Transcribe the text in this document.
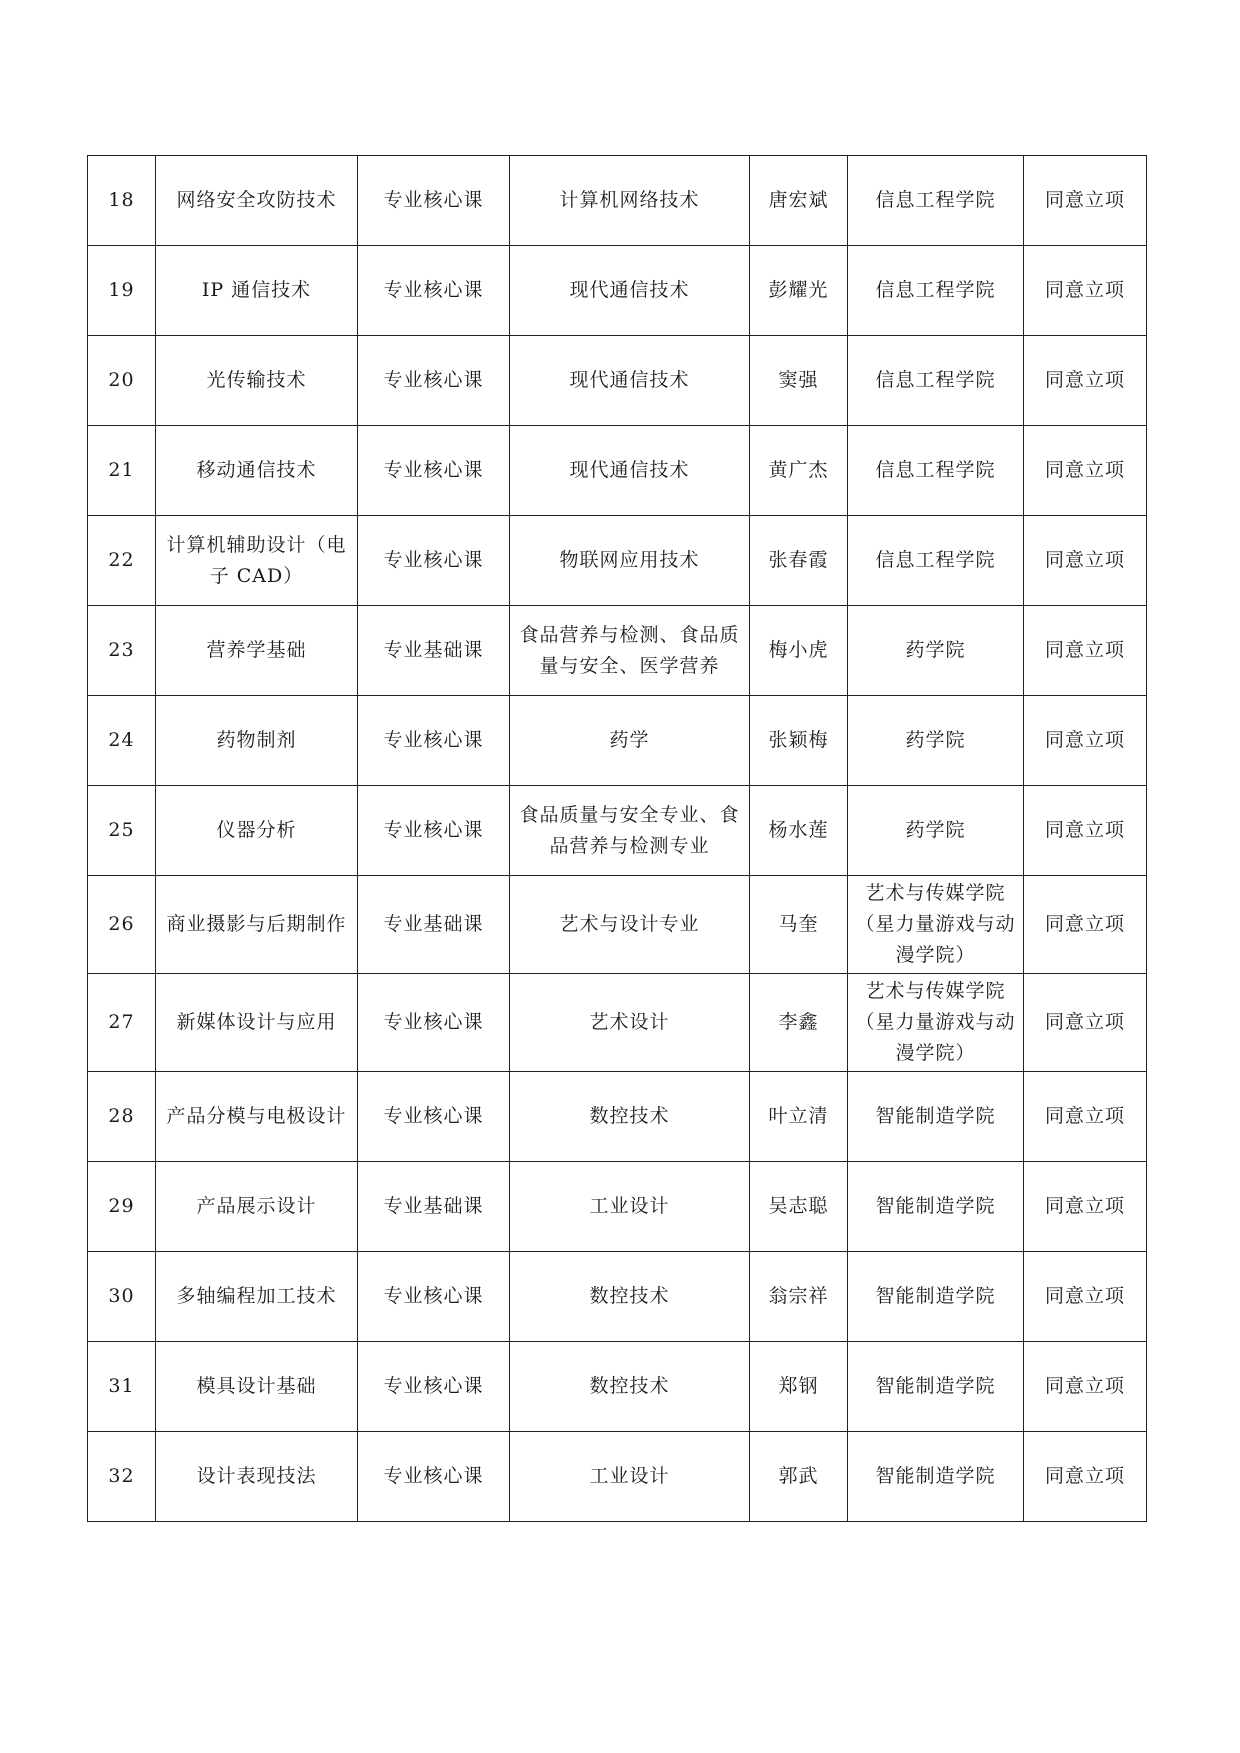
18	网络安全攻防技术	专业核心课	计算机网络技术	唐宏斌	信息工程学院	同意立项
19	IP 通信技术	专业核心课	现代通信技术	彭耀光	信息工程学院	同意立项
20	光传输技术	专业核心课	现代通信技术	窦强	信息工程学院	同意立项
21	移动通信技术	专业核心课	现代通信技术	黄广杰	信息工程学院	同意立项
22	计算机辅助设计（电子 CAD）	专业核心课	物联网应用技术	张春霞	信息工程学院	同意立项
23	营养学基础	专业基础课	食品营养与检测、食品质量与安全、医学营养	梅小虎	药学院	同意立项
24	药物制剂	专业核心课	药学	张颖梅	药学院	同意立项
25	仪器分析	专业核心课	食品质量与安全专业、食品营养与检测专业	杨水莲	药学院	同意立项
26	商业摄影与后期制作	专业基础课	艺术与设计专业	马奎	艺术与传媒学院（星力量游戏与动漫学院）	同意立项
27	新媒体设计与应用	专业核心课	艺术设计	李鑫	艺术与传媒学院（星力量游戏与动漫学院）	同意立项
28	产品分模与电极设计	专业核心课	数控技术	叶立清	智能制造学院	同意立项
29	产品展示设计	专业基础课	工业设计	吴志聪	智能制造学院	同意立项
30	多轴编程加工技术	专业核心课	数控技术	翁宗祥	智能制造学院	同意立项
31	模具设计基础	专业核心课	数控技术	郑钢	智能制造学院	同意立项
32	设计表现技法	专业核心课	工业设计	郭武	智能制造学院	同意立项
